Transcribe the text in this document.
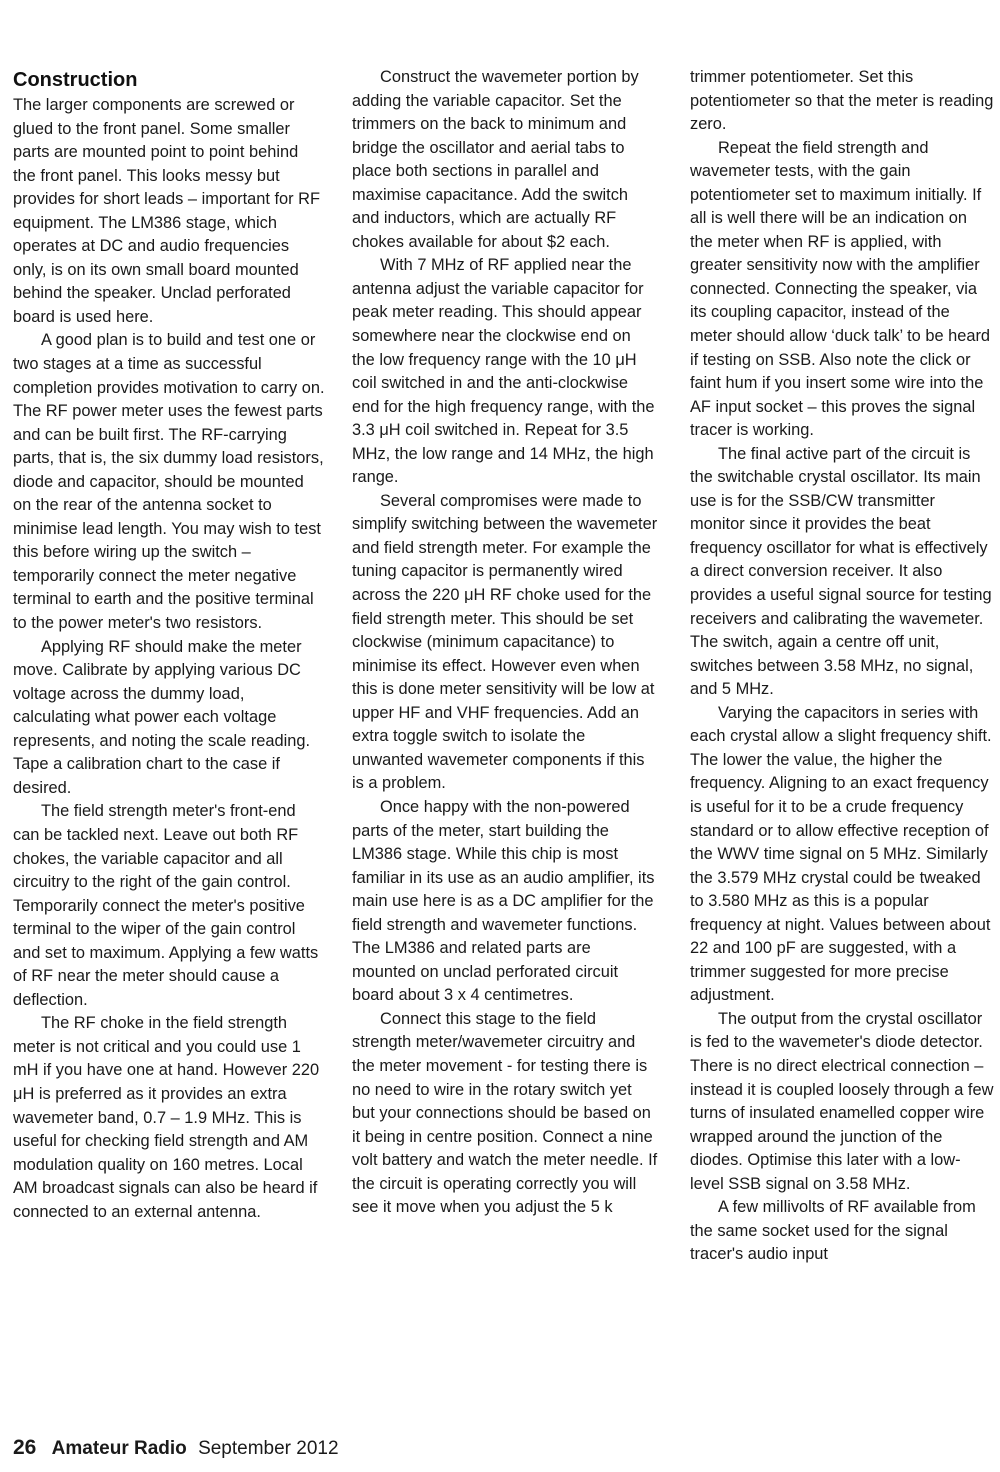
Construction

The larger components are screwed or glued to the front panel. Some smaller parts are mounted point to point behind the front panel. This looks messy but provides for short leads – important for RF equipment. The LM386 stage, which operates at DC and audio frequencies only, is on its own small board mounted behind the speaker. Unclad perforated board is used here.

A good plan is to build and test one or two stages at a time as successful completion provides motivation to carry on. The RF power meter uses the fewest parts and can be built first. The RF-carrying parts, that is, the six dummy load resistors, diode and capacitor, should be mounted on the rear of the antenna socket to minimise lead length. You may wish to test this before wiring up the switch – temporarily connect the meter negative terminal to earth and the positive terminal to the power meter's two resistors.

Applying RF should make the meter move. Calibrate by applying various DC voltage across the dummy load, calculating what power each voltage represents, and noting the scale reading. Tape a calibration chart to the case if desired.

The field strength meter's front-end can be tackled next. Leave out both RF chokes, the variable capacitor and all circuitry to the right of the gain control. Temporarily connect the meter's positive terminal to the wiper of the gain control and set to maximum. Applying a few watts of RF near the meter should cause a deflection.

The RF choke in the field strength meter is not critical and you could use 1 mH if you have one at hand. However 220 μH is preferred as it provides an extra wavemeter band, 0.7 – 1.9 MHz. This is useful for checking field strength and AM modulation quality on 160 metres. Local AM broadcast signals can also be heard if connected to an external antenna.

Construct the wavemeter portion by adding the variable capacitor. Set the trimmers on the back to minimum and bridge the oscillator and aerial tabs to place both sections in parallel and maximise capacitance. Add the switch and inductors, which are actually RF chokes available for about $2 each.

With 7 MHz of RF applied near the antenna adjust the variable capacitor for peak meter reading. This should appear somewhere near the clockwise end on the low frequency range with the 10 μH coil switched in and the anti-clockwise end for the high frequency range, with the 3.3 μH coil switched in. Repeat for 3.5 MHz, the low range and 14 MHz, the high range.

Several compromises were made to simplify switching between the wavemeter and field strength meter. For example the tuning capacitor is permanently wired across the 220 μH RF choke used for the field strength meter. This should be set clockwise (minimum capacitance) to minimise its effect. However even when this is done meter sensitivity will be low at upper HF and VHF frequencies. Add an extra toggle switch to isolate the unwanted wavemeter components if this is a problem.

Once happy with the non-powered parts of the meter, start building the LM386 stage. While this chip is most familiar in its use as an audio amplifier, its main use here is as a DC amplifier for the field strength and wavemeter functions. The LM386 and related parts are mounted on unclad perforated circuit board about 3 x 4 centimetres.

Connect this stage to the field strength meter/wavemeter circuitry and the meter movement - for testing there is no need to wire in the rotary switch yet but your connections should be based on it being in centre position. Connect a nine volt battery and watch the meter needle. If the circuit is operating correctly you will see it move when you adjust the 5 k

trimmer potentiometer. Set this potentiometer so that the meter is reading zero.

Repeat the field strength and wavemeter tests, with the gain potentiometer set to maximum initially. If all is well there will be an indication on the meter when RF is applied, with greater sensitivity now with the amplifier connected. Connecting the speaker, via its coupling capacitor, instead of the meter should allow ‘duck talk’ to be heard if testing on SSB. Also note the click or faint hum if you insert some wire into the AF input socket – this proves the signal tracer is working.

The final active part of the circuit is the switchable crystal oscillator. Its main use is for the SSB/CW transmitter monitor since it provides the beat frequency oscillator for what is effectively a direct conversion receiver. It also provides a useful signal source for testing receivers and calibrating the wavemeter. The switch, again a centre off unit, switches between 3.58 MHz, no signal, and 5 MHz.

Varying the capacitors in series with each crystal allow a slight frequency shift. The lower the value, the higher the frequency. Aligning to an exact frequency is useful for it to be a crude frequency standard or to allow effective reception of the WWV time signal on 5 MHz. Similarly the 3.579 MHz crystal could be tweaked to 3.580 MHz as this is a popular frequency at night. Values between about 22 and 100 pF are suggested, with a trimmer suggested for more precise adjustment.

The output from the crystal oscillator is fed to the wavemeter's diode detector. There is no direct electrical connection – instead it is coupled loosely through a few turns of insulated enamelled copper wire wrapped around the junction of the diodes. Optimise this later with a low-level SSB signal on 3.58 MHz.

A few millivolts of RF available from the same socket used for the signal tracer's audio input

26 Amateur Radio September 2012
